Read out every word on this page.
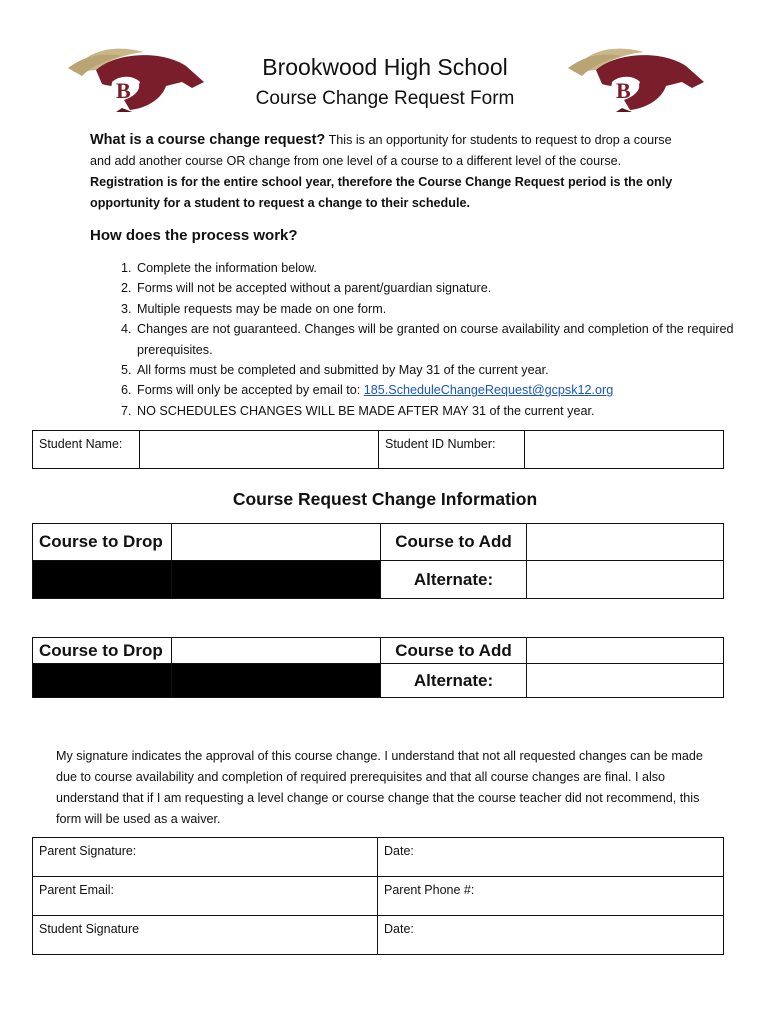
B	B
Brookwood High School
Course Change Request Form
What is a course change request? This is an opportunity for students to request to drop a course and add another course OR change from one level of a course to a different level of the course. Registration is for the entire school year, therefore the Course Change Request period is the only opportunity for a student to request a change to their schedule.
How does the process work?
1. Complete the information below.
2. Forms will not be accepted without a parent/guardian signature.
3. Multiple requests may be made on one form.
4. Changes are not guaranteed. Changes will be granted on course availability and completion of the required prerequisites.
5. All forms must be completed and submitted by May 31 of the current year.
6. Forms will only be accepted by email to: 185.ScheduleChangeRequest@gcpsk12.org
7. NO SCHEDULES CHANGES WILL BE MADE AFTER MAY 31 of the current year.
Student Name:		Student ID Number:	
Course Request Change Information
Course to Drop		Course to Add	
		Alternate:	
Course to Drop		Course to Add	
		Alternate:	
My signature indicates the approval of this course change. I understand that not all requested changes can be made due to course availability and completion of required prerequisites and that all course changes are final. I also understand that if I am requesting a level change or course change that the course teacher did not recommend, this form will be used as a waiver.
Parent Signature:	Date:
Parent Email:	Parent Phone #:
Student Signature	Date:
